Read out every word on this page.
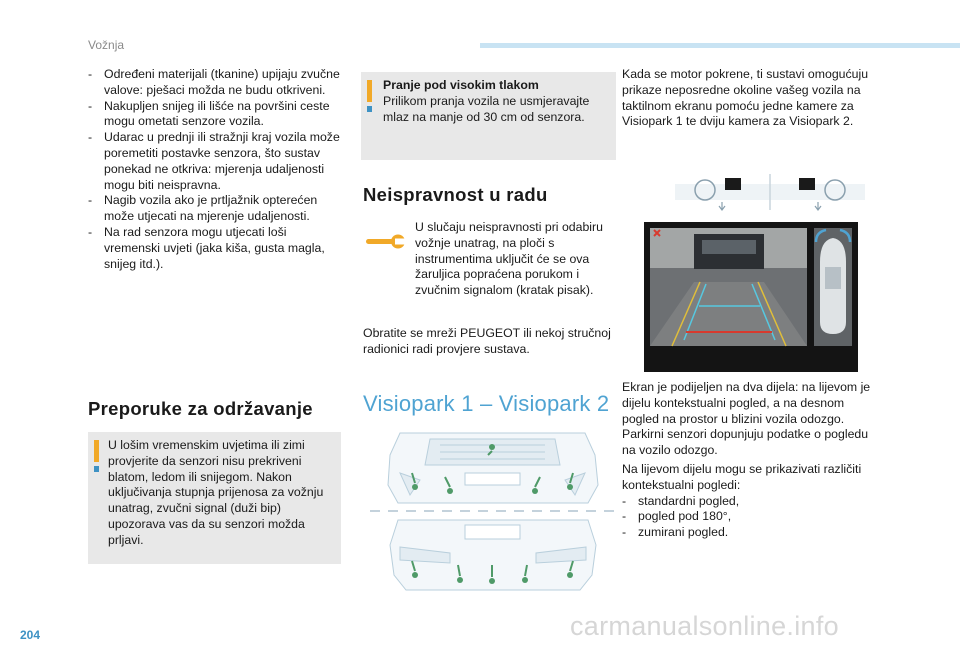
Vožnja
- Određeni materijali (tkanine) upijaju zvučne valove: pješaci možda ne budu otkriveni.
- Nakupljen snijeg ili lišće na površini ceste mogu ometati senzore vozila.
- Udarac u prednji ili stražnji kraj vozila može poremetiti postavke senzora, što sustav ponekad ne otkriva: mjerenja udaljenosti mogu biti neispravna.
- Nagib vozila ako je prtljažnik opterećen može utjecati na mjerenje udaljenosti.
- Na rad senzora mogu utjecati loši vremenski uvjeti (jaka kiša, gusta magla, snijeg itd.).
Preporuke za održavanje
U lošim vremenskim uvjetima ili zimi provjerite da senzori nisu prekriveni blatom, ledom ili snijegom. Nakon uključivanja stupnja prijenosa za vožnju unatrag, zvučni signal (duži bip) upozorava vas da su senzori možda prljavi.
Pranje pod visokim tlakom
Prilikom pranja vozila ne usmjeravajte mlaz na manje od 30 cm od senzora.
Neispravnost u radu
U slučaju neispravnosti pri odabiru vožnje unatrag, na ploči s instrumentima uključit će se ova žaruljica popraćena porukom i zvučnim signalom (kratak pisak).
Obratite se mreži PEUGEOT ili nekoj stručnoj radionici radi provjere sustava.
Visiopark 1 – Visiopark 2
Kada se motor pokrene, ti sustavi omogućuju prikaze neposredne okoline vašeg vozila na taktilnom ekranu pomoću jedne kamere za Visiopark 1 te dviju kamera za Visiopark 2.
Ekran je podijeljen na dva dijela: na lijevom je dijelu kontekstualni pogled, a na desnom pogled na prostor u blizini vozila odozgo. Parkirni senzori dopunjuju podatke o pogledu na vozilo odozgo.
Na lijevom dijelu mogu se prikazivati različiti kontekstualni pogledi:
- standardni pogled,
- pogled pod 180°,
- zumirani pogled.
204	carmanualsonline.info
